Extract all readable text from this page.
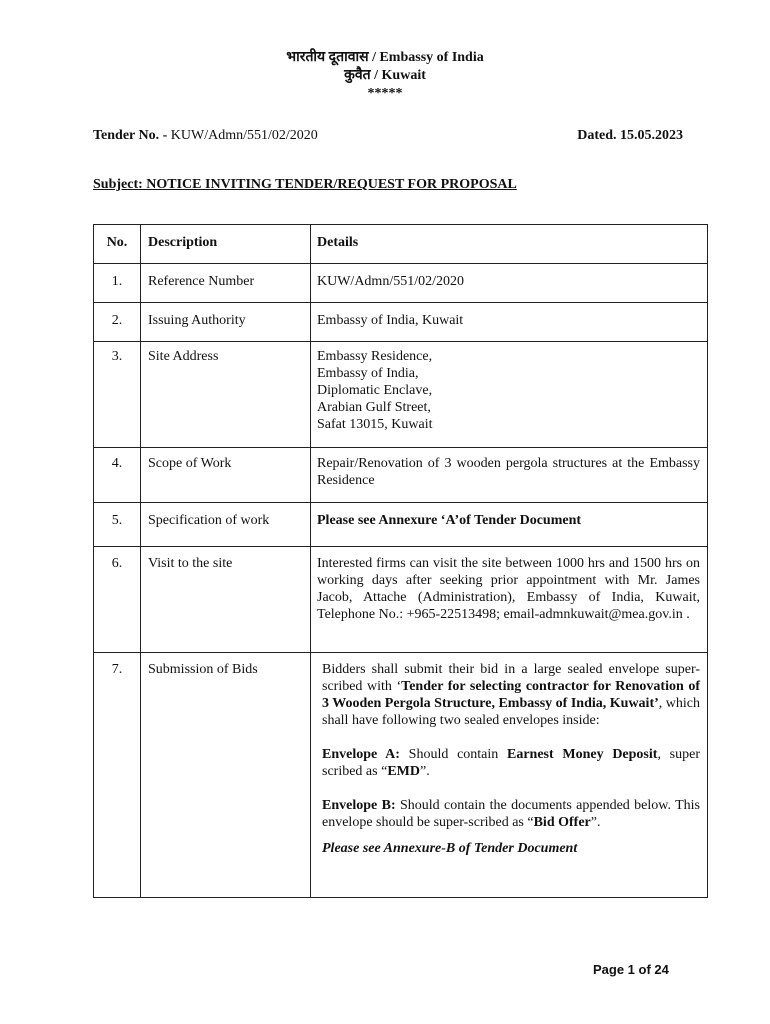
भारतीय दूतावास / Embassy of India
कुवैत / Kuwait
*****
Tender No. - KUW/Admn/551/02/2020	Dated. 15.05.2023
Subject: NOTICE INVITING TENDER/REQUEST FOR PROPOSAL
No.	Description	Details
1.	Reference Number	KUW/Admn/551/02/2020
2.	Issuing Authority	Embassy of India, Kuwait
3.	Site Address	Embassy Residence,
Embassy of India,
Diplomatic Enclave,
Arabian Gulf Street,
Safat 13015, Kuwait

4.	Scope of Work	Repair/Renovation of 3 wooden pergola structures at the Embassy Residence
5.	Specification of work	Please see Annexure ‘A’of Tender Document
6.	Visit to the site	Interested firms can visit the site between 1000 hrs and 1500 hrs on working days after seeking prior appointment with Mr. James Jacob, Attache (Administration), Embassy of India, Kuwait, Telephone No.: +965-22513498; email-admnkuwait@mea.gov.in .
7.	Submission of Bids	Bidders shall submit their bid in a large sealed envelope super-scribed with ‘Tender for selecting contractor for Renovation of 3 Wooden Pergola Structure, Embassy of India, Kuwait’, which shall have following two sealed envelopes inside:

Envelope A: Should contain Earnest Money Deposit, super scribed as “EMD”.

Envelope B: Should contain the documents appended below. This envelope should be super-scribed as “Bid Offer”.

Please see Annexure-B of Tender Document

Page 1 of 24
